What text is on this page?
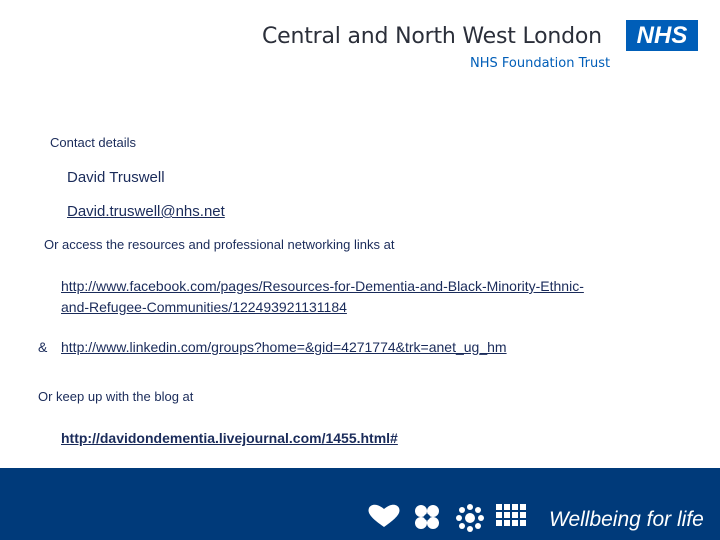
Central and North West London	NHS
NHS Foundation Trust
Contact details
David Truswell
David.truswell@nhs.net
Or access the resources and professional networking links at
http://www.facebook.com/pages/Resources-for-Dementia-and-Black-Minority-Ethnic-
and-Refugee-Communities/122493921131184
& http://www.linkedin.com/groups?home=&gid=4271774&trk=anet_ug_hm
Or keep up with the blog at
http://davidondementia.livejournal.com/1455.html#
Wellbeing for life
